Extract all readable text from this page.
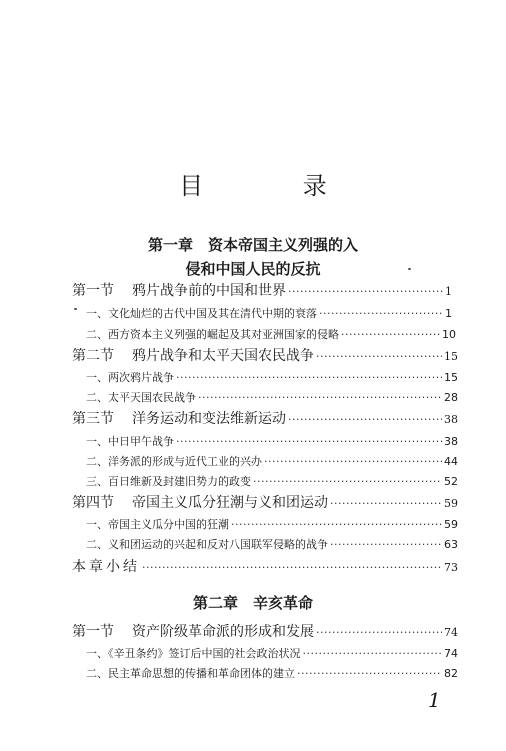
目 录
第一章　资本帝国主义列强的入
侵和中国人民的反抗
第一节 鸦片战争前的中国和世界 ·····	1
一、文化灿烂的古代中国及其在清代中期的衰落 ·····	1
二、西方资本主义列强的崛起及其对亚洲国家的侵略 ·····	10
第二节 鸦片战争和太平天国农民战争 ·····	15
一、两次鸦片战争 ·····	15
二、太平天国农民战争 ·····	28
第三节 洋务运动和变法维新运动 ·····	38
一、中日甲午战争 ·····	38
二、洋务派的形成与近代工业的兴办 ·····	44
三、百日维新及封建旧势力的政变 ·····	52
第四节 帝国主义瓜分狂潮与义和团运动 ·····	59
一、帝国主义瓜分中国的狂潮 ·····	59
二、义和团运动的兴起和反对八国联军侵略的战争 ·····	63
本章小结 ·····	73
第二章　辛亥革命
第一节 资产阶级革命派的形成和发展 ·····	74
一、《辛丑条约》签订后中国的社会政治状况 ·····	74
二、民主革命思想的传播和革命团体的建立 ·····	82
1
